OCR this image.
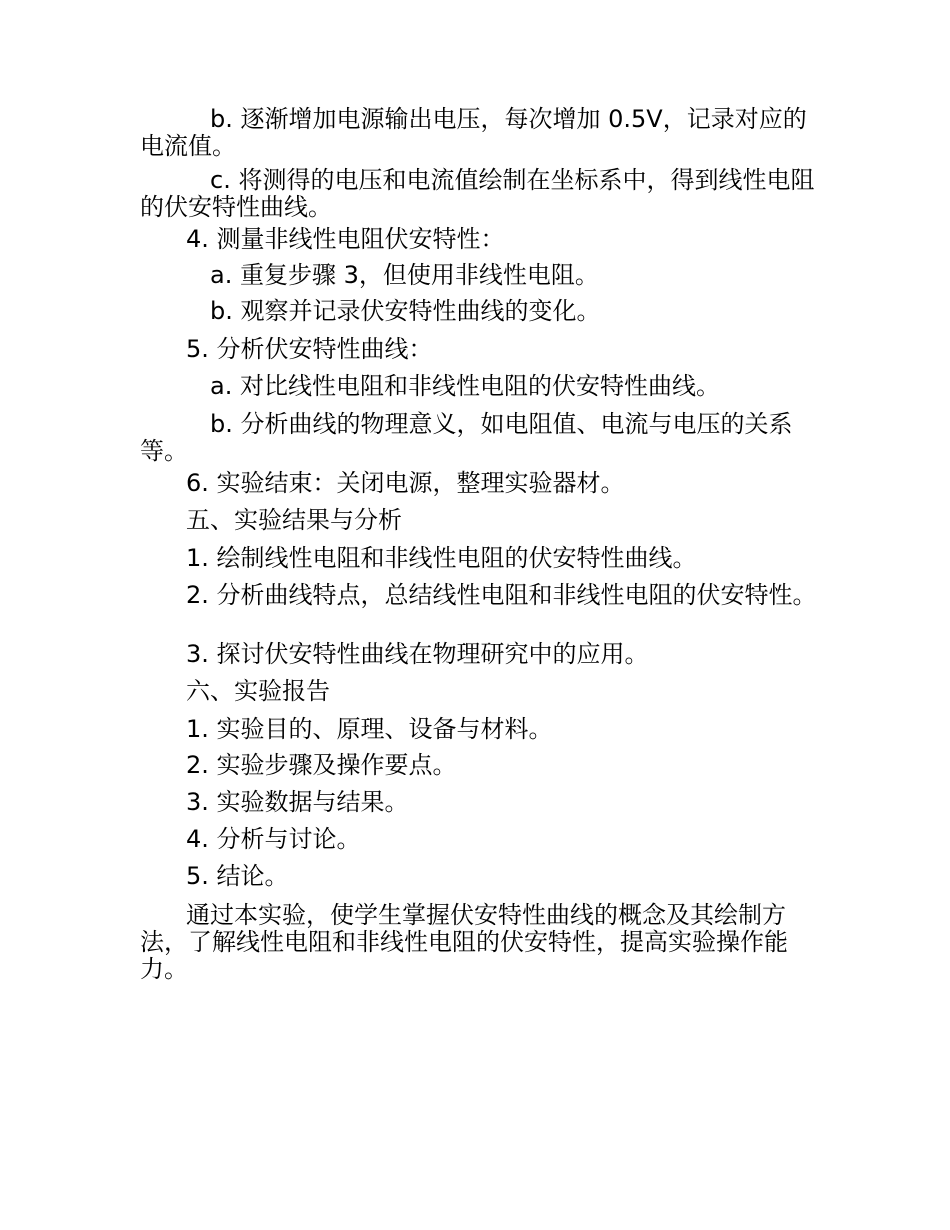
b. 逐渐增加电源输出电压，每次增加 0.5V，记录对应的电流值。

c. 将测得的电压和电流值绘制在坐标系中，得到线性电阻的伏安特性曲线。

4. 测量非线性电阻伏安特性：

a. 重复步骤 3，但使用非线性电阻。

b. 观察并记录伏安特性曲线的变化。

5. 分析伏安特性曲线：

a. 对比线性电阻和非线性电阻的伏安特性曲线。

b. 分析曲线的物理意义，如电阻值、电流与电压的关系等。

6. 实验结束：关闭电源，整理实验器材。

五、实验结果与分析

1. 绘制线性电阻和非线性电阻的伏安特性曲线。

2. 分析曲线特点，总结线性电阻和非线性电阻的伏安特性。

3. 探讨伏安特性曲线在物理研究中的应用。

六、实验报告

1. 实验目的、原理、设备与材料。

2. 实验步骤及操作要点。

3. 实验数据与结果。

4. 分析与讨论。

5. 结论。

通过本实验，使学生掌握伏安特性曲线的概念及其绘制方法，了解线性电阻和非线性电阻的伏安特性，提高实验操作能力。
